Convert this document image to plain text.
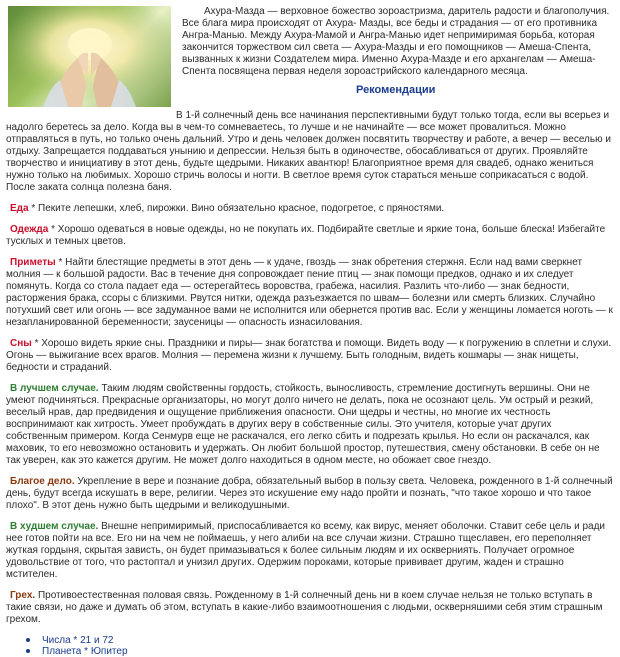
Ахура-Мазда — верховное божество зороастризма, даритель радости и благополучия. Все блага мира происходят от Ахура- Мазды, все беды и страдания — от его противника Ангра-Манью. Между Ахура-Мамой и Ангра-Манью идет непримиримая борьба, которая закончится торжеством сил света — Ахура-Мазды и его помощников — Амеша-Спента, вызванных к жизни Создателем мира. Именно Ахура-Мазде и его архангелам — Амеша-Спента посвящена первая неделя зороастрийского календарного месяца.
Рекомендации

В 1-й солнечный день все начинания перспективными будут только тогда, если вы всерьез и надолго беретесь за дело. Когда вы в чем-то сомневаетесь, то лучше и не начинайте — все может провалиться. Можно отправляться в путь, но только очень дальний. Утро и день человек должен посвятить творчеству и работе, а вечер — веселью и отдыху. Запрещается поддаваться унынию и депрессии. Нельзя быть в одиночестве, обосабливаться от других. Проявляйте творчество и инициативу в этот день, будьте щедрыми. Никаких авантюр! Благоприятное время для свадеб, однако жениться нужно только на любимых. Хорошо стричь волосы и ногти. В светлое время суток стараться меньше соприкасаться с водой. После заката солнца полезна баня.

Еда * Пеките лепешки, хлеб, пирожки. Вино обязательно красное, подогретое, с пряностями.

Одежда * Хорошо одеваться в новые одежды, но не покупать их. Подбирайте светлые и яркие тона, больше блеска! Избегайте тусклых и темных цветов.

Приметы * Найти блестящие предметы в этот день — к удаче, гвоздь — знак обретения стержня. Если над вами сверкнет молния — к большой радости. Вас в течение дня сопровождает пение птиц — знак помощи предков, однако и их следует помянуть. Когда со стола падает еда — остерегайтесь воровства, грабежа, насилия. Разлить что-либо — знак бедности, расторжения брака, ссоры с близкими. Рвутся нитки, одежда разъезжается по швам— болезни или смерть близких. Случайно потухший свет или огонь — все задуманное вами не исполнится или обернется против вас. Если у женщины ломается ноготь — к незапланированной беременности; заусеницы — опасность изнасилования.

Сны * Хорошо видеть яркие сны. Праздники и пиры— знак богатства и помощи. Видеть воду — к погружению в сплетни и слухи. Огонь — выжигание всех врагов. Молния — перемена жизни к лучшему. Быть голодным, видеть кошмары — знак нищеты, бедности и страданий.

В лучшем случае. Таким людям свойственны гордость, стойкость, выносливость, стремление достигнуть вершины. Они не умеют подчиняться. Прекрасные организаторы, но могут долго ничего не делать, пока не осознают цель. Ум острый и резкий, веселый нрав, дар предвидения и ощущение приближения опасности. Они щедры и честны, но многие их честность воспринимают как хитрость. Умеет пробуждать в других веру в собственные силы. Это учителя, которые учат других собственным примером. Когда Сенмурв еще не раскачался, его легко сбить и подрезать крылья. Но если он раскачался, как маховик, то его невозможно остановить и удержать. Он любит большой простор, путешествия, смену обстановки. В себе он не так уверен, как это кажется другим. Не может долго находиться в одном месте, но обожает свое гнездо.

Благое дело. Укрепление в вере и познание добра, обязательный выбор в пользу света. Человека, рожденного в 1-й солнечный день, будут всегда искушать в вере, религии. Через это искушение ему надо пройти и познать, "что такое хорошо и что такое плохо". В этот день нужно быть щедрыми и великодушными.

В худшем случае. Внешне непримиримый, приспосабливается ко всему, как вирус, меняет оболочки. Ставит себе цель и ради нее готов пойти на все. Его ни на чем не поймаешь, у него алиби на все случаи жизни. Страшно тщеславен, его переполняет жуткая гордыня, скрытая зависть, он будет примазываться к более сильным людям и их оскверниять. Получает огромное удовольствие от того, что растоптал и унизил других. Одержим пороками, которые прививает другим, жаден и страшно мстителен.

Грех. Противоестественная половая связь. Рожденному в 1-й солнечный день ни в коем случае нельзя не только вступать в такие связи, но даже и думать об этом, вступать в какие-либо взаимоотношения с людьми, оскверняшими себя этим страшным грехом.

Числа * 21 и 72
Планета * Юпитер
